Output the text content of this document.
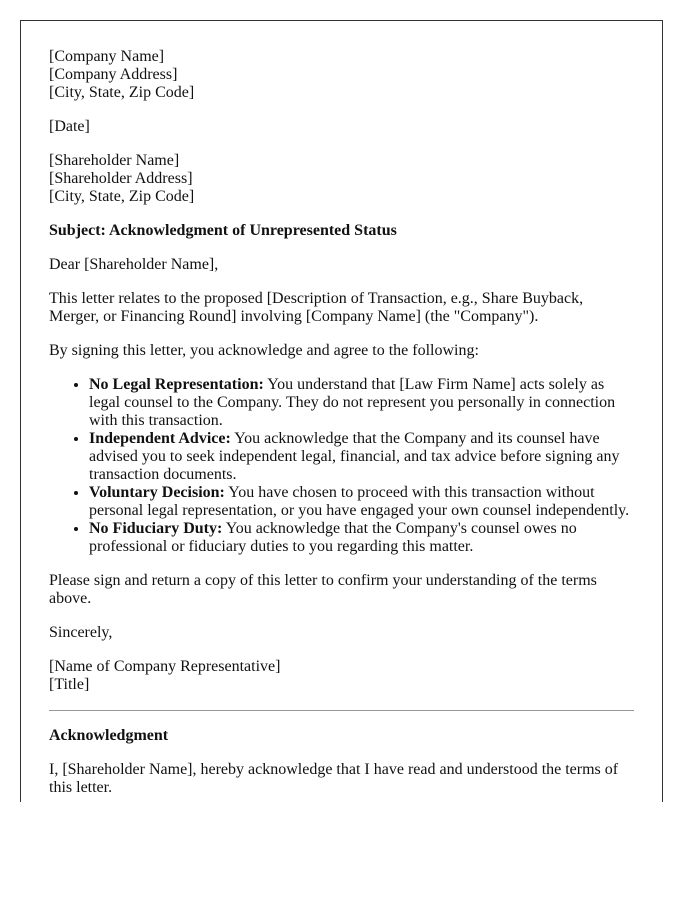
[Company Name]
[Company Address]
[City, State, Zip Code]

[Date]

[Shareholder Name]
[Shareholder Address]
[City, State, Zip Code]

Subject: Acknowledgment of Unrepresented Status

Dear [Shareholder Name],

This letter relates to the proposed [Description of Transaction, e.g., Share Buyback, Merger, or Financing Round] involving [Company Name] (the "Company").

By signing this letter, you acknowledge and agree to the following:

• No Legal Representation: You understand that [Law Firm Name] acts solely as legal counsel to the Company. They do not represent you personally in connection with this transaction.
• Independent Advice: You acknowledge that the Company and its counsel have advised you to seek independent legal, financial, and tax advice before signing any transaction documents.
• Voluntary Decision: You have chosen to proceed with this transaction without personal legal representation, or you have engaged your own counsel independently.
• No Fiduciary Duty: You acknowledge that the Company's counsel owes no professional or fiduciary duties to you regarding this matter.

Please sign and return a copy of this letter to confirm your understanding of the terms above.

Sincerely,

[Name of Company Representative]
[Title]

Acknowledgment

I, [Shareholder Name], hereby acknowledge that I have read and understood the terms of this letter.
